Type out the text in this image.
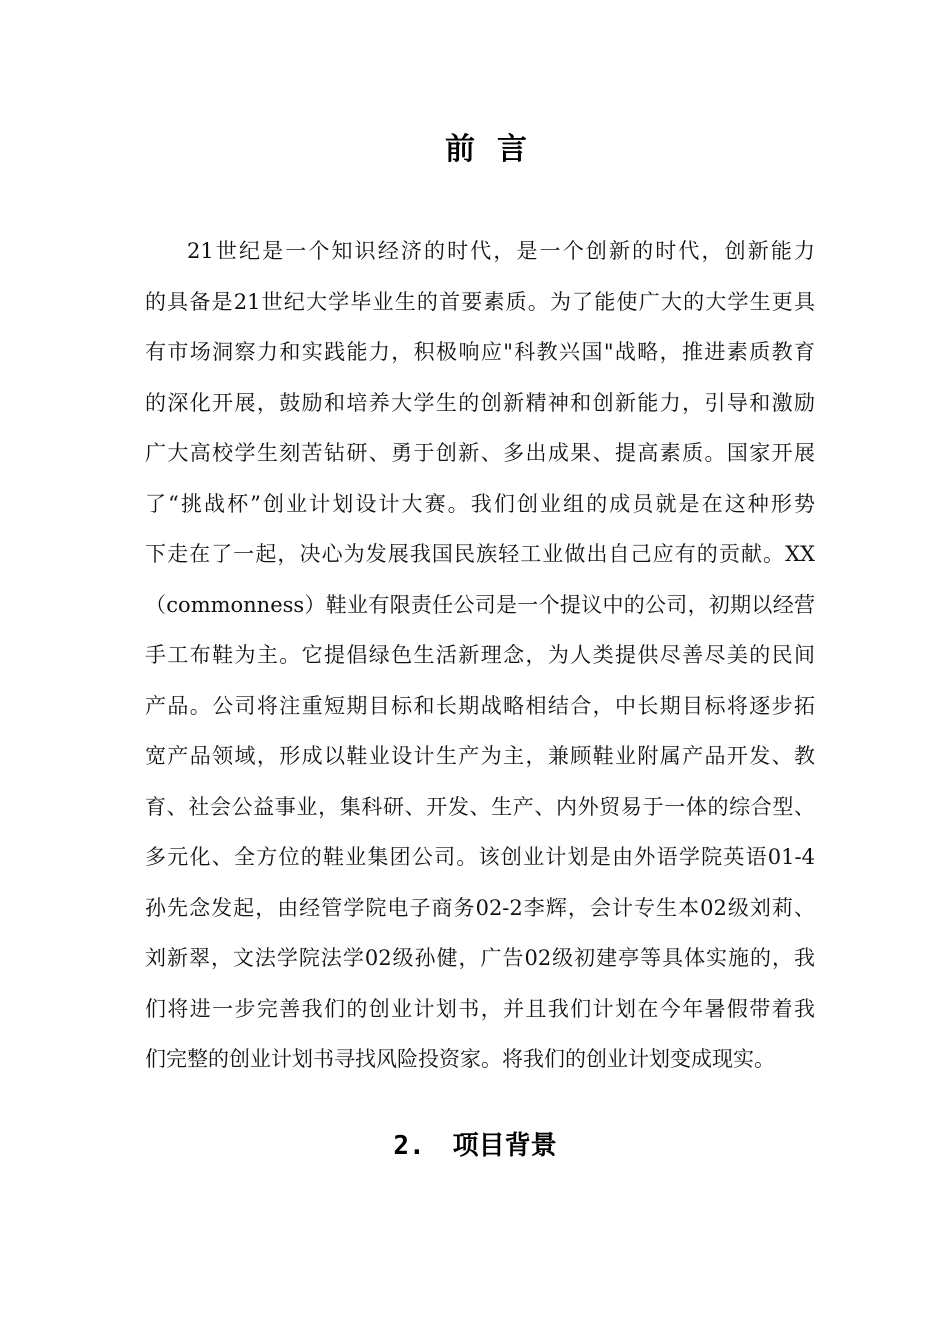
前言
21世纪是一个知识经济的时代，是一个创新的时代，创新能力
的具备是21世纪大学毕业生的首要素质。为了能使广大的大学生更具
有市场洞察力和实践能力，积极响应"科教兴国"战略，推进素质教育
的深化开展，鼓励和培养大学生的创新精神和创新能力，引导和激励
广大高校学生刻苦钻研、勇于创新、多出成果、提高素质。国家开展
了“挑战杯”创业计划设计大赛。我们创业组的成员就是在这种形势
下走在了一起，决心为发展我国民族轻工业做出自己应有的贡献。XX
（commonness）鞋业有限责任公司是一个提议中的公司，初期以经营
手工布鞋为主。它提倡绿色生活新理念，为人类提供尽善尽美的民间
产品。公司将注重短期目标和长期战略相结合，中长期目标将逐步拓
宽产品领域，形成以鞋业设计生产为主，兼顾鞋业附属产品开发、教
育、社会公益事业，集科研、开发、生产、内外贸易于一体的综合型、
多元化、全方位的鞋业集团公司。该创业计划是由外语学院英语01-4
孙先念发起，由经管学院电子商务02-2李辉，会计专生本02级刘莉、
刘新翠，文法学院法学02级孙健，广告02级初建亭等具体实施的，我
们将进一步完善我们的创业计划书，并且我们计划在今年暑假带着我
们完整的创业计划书寻找风险投资家。将我们的创业计划变成现实。
2. 项目背景
